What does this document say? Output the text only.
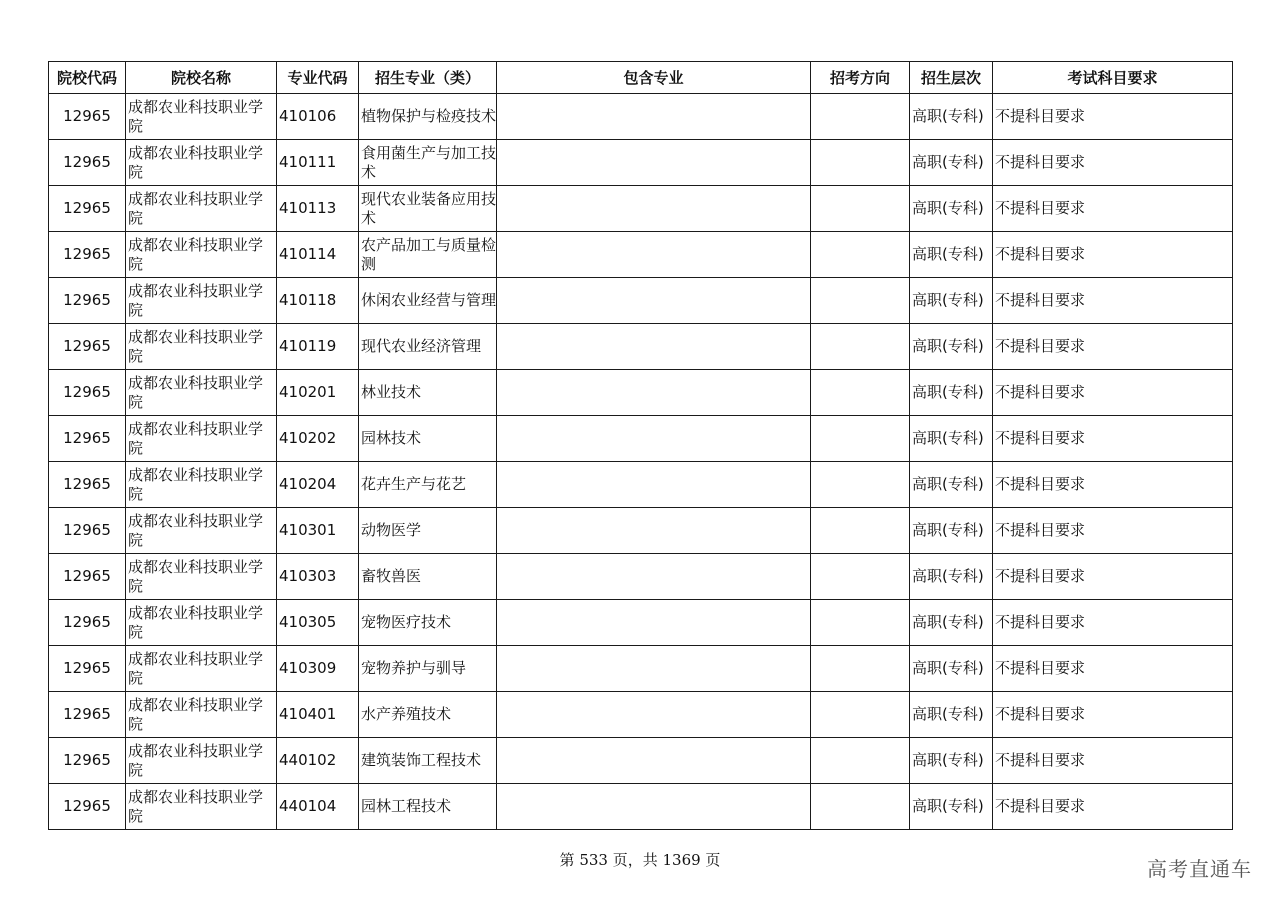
院校代码	院校名称	专业代码	招生专业（类）	包含专业	招考方向	招生层次	考试科目要求
12965	成都农业科技职业学院	410106	植物保护与检疫技术			高职(专科)	不提科目要求
12965	成都农业科技职业学院	410111	食用菌生产与加工技术			高职(专科)	不提科目要求
12965	成都农业科技职业学院	410113	现代农业装备应用技术			高职(专科)	不提科目要求
12965	成都农业科技职业学院	410114	农产品加工与质量检测			高职(专科)	不提科目要求
12965	成都农业科技职业学院	410118	休闲农业经营与管理			高职(专科)	不提科目要求
12965	成都农业科技职业学院	410119	现代农业经济管理			高职(专科)	不提科目要求
12965	成都农业科技职业学院	410201	林业技术			高职(专科)	不提科目要求
12965	成都农业科技职业学院	410202	园林技术			高职(专科)	不提科目要求
12965	成都农业科技职业学院	410204	花卉生产与花艺			高职(专科)	不提科目要求
12965	成都农业科技职业学院	410301	动物医学			高职(专科)	不提科目要求
12965	成都农业科技职业学院	410303	畜牧兽医			高职(专科)	不提科目要求
12965	成都农业科技职业学院	410305	宠物医疗技术			高职(专科)	不提科目要求
12965	成都农业科技职业学院	410309	宠物养护与驯导			高职(专科)	不提科目要求
12965	成都农业科技职业学院	410401	水产养殖技术			高职(专科)	不提科目要求
12965	成都农业科技职业学院	440102	建筑装饰工程技术			高职(专科)	不提科目要求
12965	成都农业科技职业学院	440104	园林工程技术			高职(专科)	不提科目要求
第 533 页，共 1369 页	高考直通车
